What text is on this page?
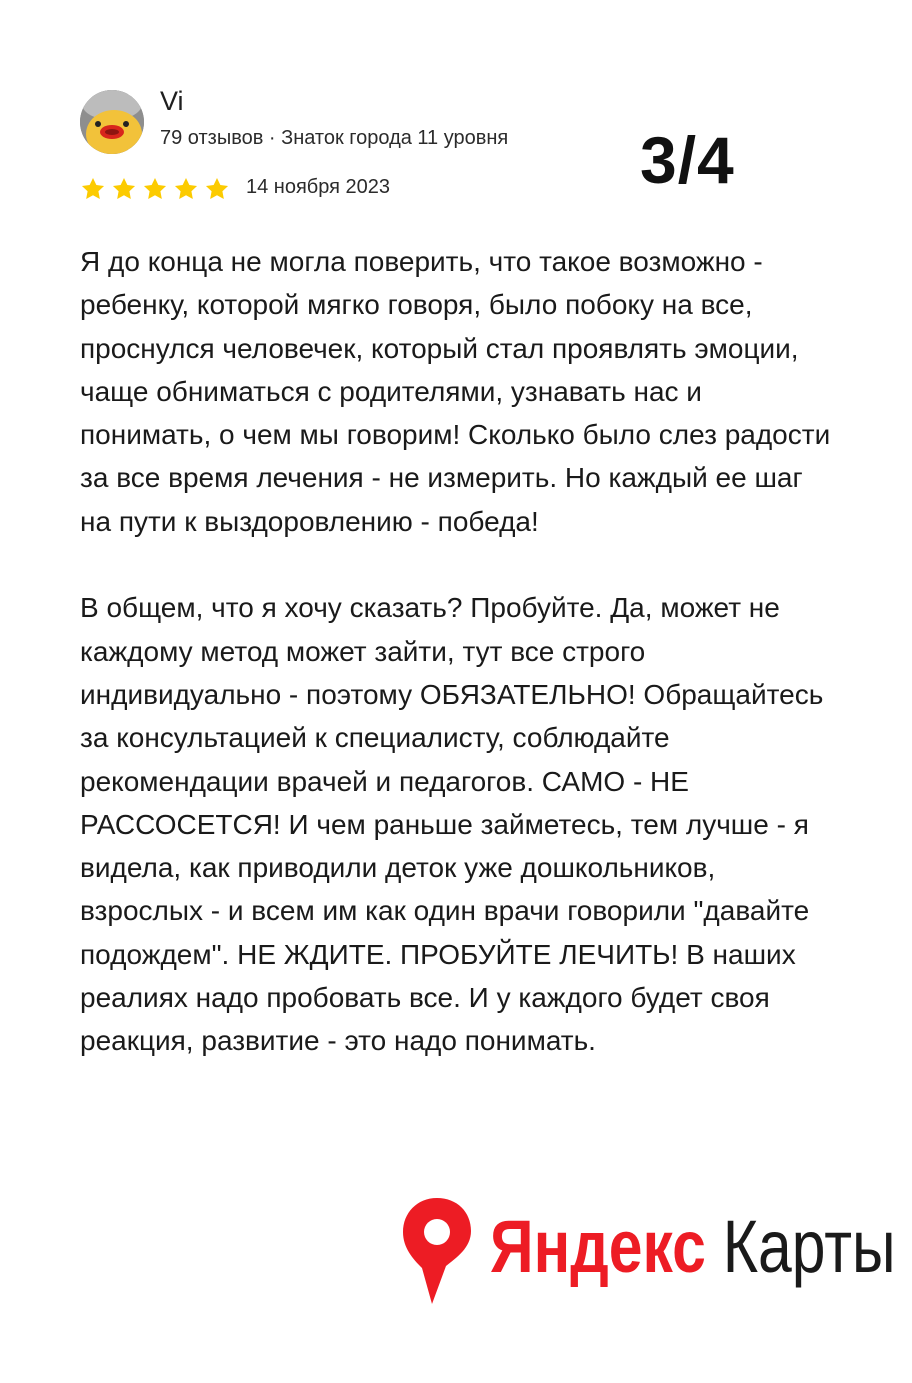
Vi
79 отзывов · Знаток города 11 уровня
14 ноября 2023	3/4

Я до конца не могла поверить, что такое возможно - ребенку, которой мягко говоря, было побоку на все, проснулся человечек, который стал проявлять эмоции, чаще обниматься с родителями, узнавать нас и понимать, о чем мы говорим! Сколько было слез радости за все время лечения - не измерить. Но каждый ее шаг на пути к выздоровлению - победа!

В общем, что я хочу сказать? Пробуйте. Да, может не каждому метод может зайти, тут все строго индивидуально - поэтому ОБЯЗАТЕЛЬНО! Обращайтесь за консультацией к специалисту, соблюдайте рекомендации врачей и педагогов. САМО - НЕ РАССОСЕТСЯ! И чем раньше займетесь, тем лучше - я видела, как приводили деток уже дошкольников, взрослых - и всем им как один врачи говорили "давайте подождем". НЕ ЖДИТЕ. ПРОБУЙТЕ ЛЕЧИТЬ! В наших реалиях надо пробовать все. И у каждого будет своя реакция, развитие - это надо понимать.

Яндекс Карты
